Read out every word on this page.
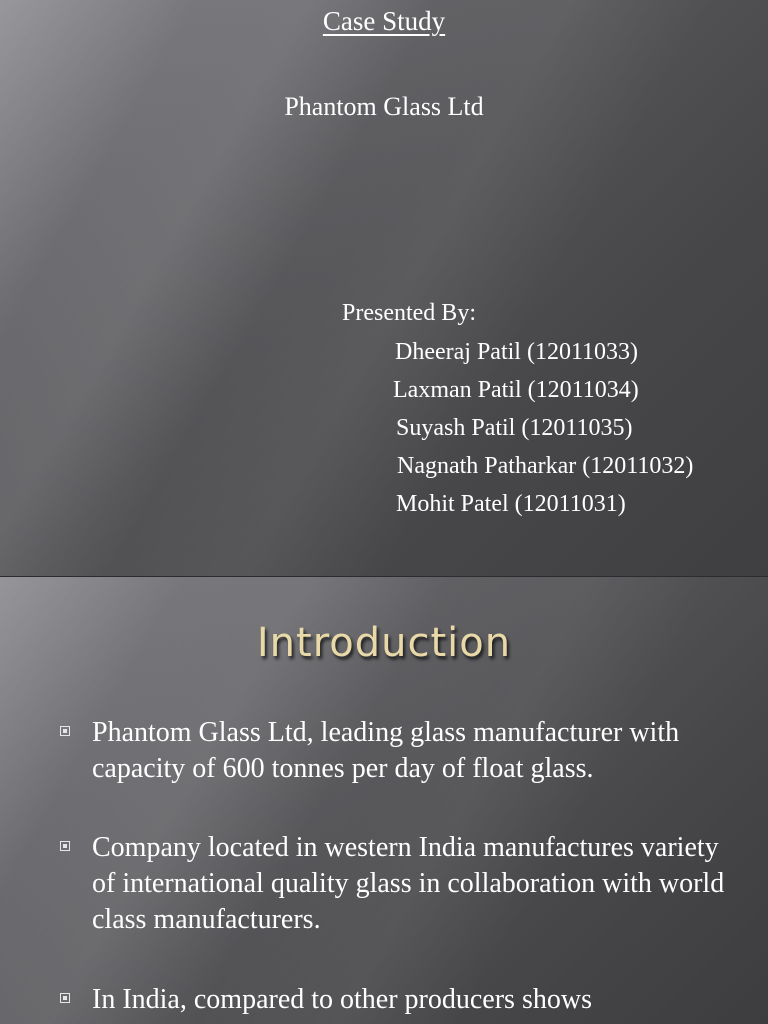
Case Study
Phantom Glass Ltd
Presented By:
Dheeraj Patil (12011033)
Laxman Patil (12011034)
Suyash Patil (12011035)
Nagnath Patharkar (12011032)
Mohit Patel (12011031)
Introduction
Phantom Glass Ltd, leading glass manufacturer with capacity of 600 tonnes per day of float glass.
Company located in western India manufactures variety of international quality glass in collaboration with world class manufacturers.
In India, compared to other producers shows
